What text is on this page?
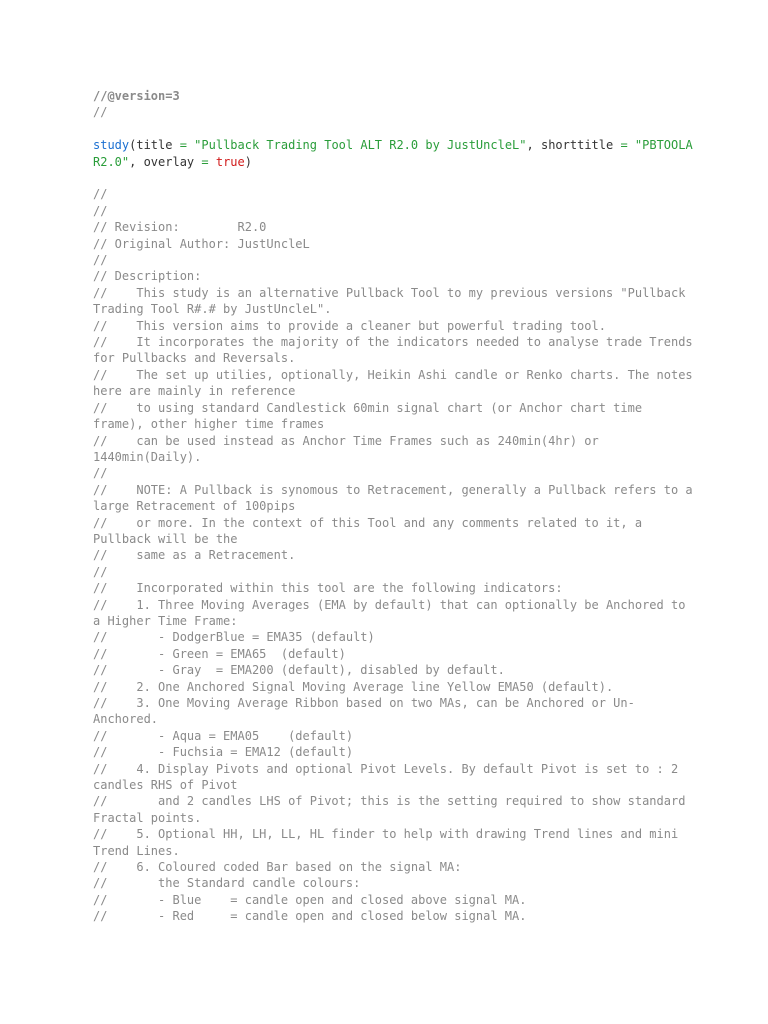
//@version=3
//
study(title = "Pullback Trading Tool ALT R2.0 by JustUncleL", shorttitle = "PBTOOLA R2.0", overlay = true)
//
//
// Revision:        R2.0
// Original Author: JustUncleL
//
// Description:
//    This study is an alternative Pullback Tool to my previous versions "Pullback Trading Tool R#.# by JustUncleL".
//    This version aims to provide a cleaner but powerful trading tool.
//    It incorporates the majority of the indicators needed to analyse trade Trends for Pullbacks and Reversals.
//    The set up utilies, optionally, Heikin Ashi candle or Renko charts. The notes here are mainly in reference
//    to using standard Candlestick 60min signal chart (or Anchor chart time frame), other higher time frames
//    can be used instead as Anchor Time Frames such as 240min(4hr) or 1440min(Daily).
//
//    NOTE: A Pullback is synomous to Retracement, generally a Pullback refers to a large Retracement of 100pips
//    or more. In the context of this Tool and any comments related to it, a Pullback will be the
//    same as a Retracement.
//
//    Incorporated within this tool are the following indicators:
//    1. Three Moving Averages (EMA by default) that can optionally be Anchored to a Higher Time Frame:
//       - DodgerBlue = EMA35 (default)
//       - Green = EMA65  (default)
//       - Gray  = EMA200 (default), disabled by default.
//    2. One Anchored Signal Moving Average line Yellow EMA50 (default).
//    3. One Moving Average Ribbon based on two MAs, can be Anchored or Un-Anchored.
//       - Aqua = EMA05    (default)
//       - Fuchsia = EMA12 (default)
//    4. Display Pivots and optional Pivot Levels. By default Pivot is set to : 2 candles RHS of Pivot
//       and 2 candles LHS of Pivot; this is the setting required to show standard Fractal points.
//    5. Optional HH, LH, LL, HL finder to help with drawing Trend lines and mini Trend Lines.
//    6. Coloured coded Bar based on the signal MA:
//       the Standard candle colours:
//       - Blue    = candle open and closed above signal MA.
//       - Red     = candle open and closed below signal MA.
